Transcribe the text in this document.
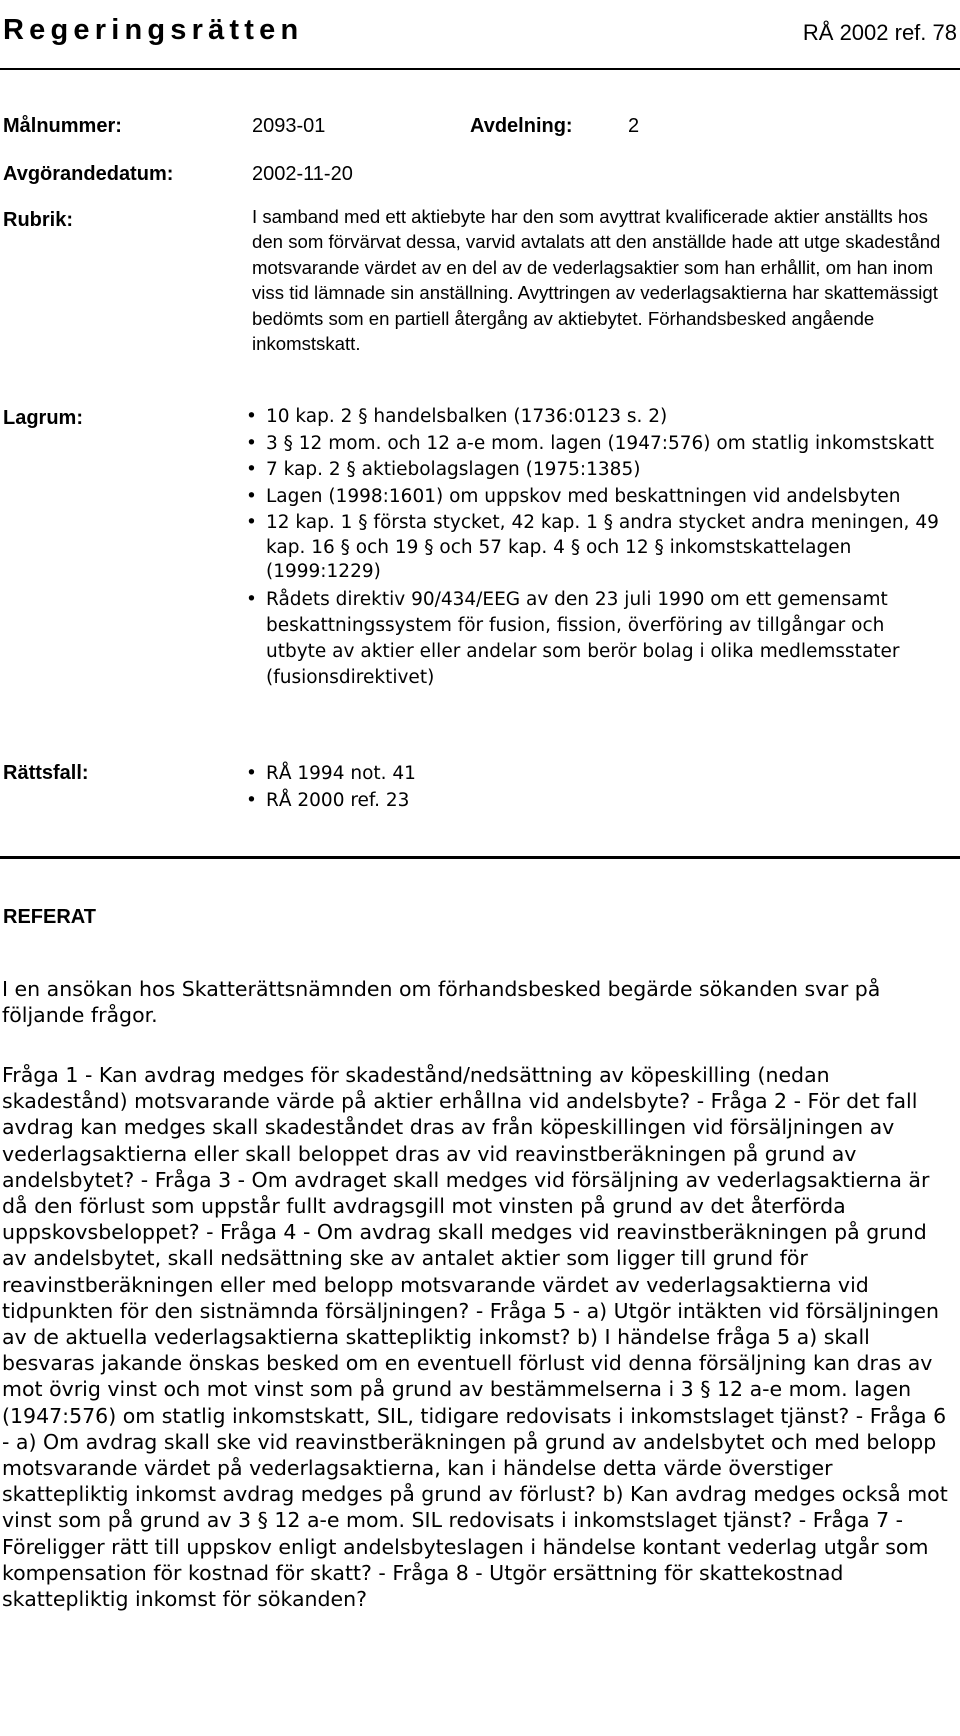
Regeringsrätten	RÅ 2002 ref. 78
Målnummer:	2093-01	Avdelning:	2
Avgörandedatum:	2002-11-20
Rubrik:	I samband med ett aktiebyte har den som avyttrat kvalificerade aktier anställts hos den som förvärvat dessa, varvid avtalats att den anställde hade att utge skadestånd motsvarande värdet av en del av de vederlagsaktier som han erhållit, om han inom viss tid lämnade sin anställning. Avyttringen av vederlagsaktierna har skattemässigt bedömts som en partiell återgång av aktiebytet. Förhandsbesked angående inkomstskatt.
Lagrum:	• 10 kap. 2 § handelsbalken (1736:0123 s. 2)
• 3 § 12 mom. och 12 a-e mom. lagen (1947:576) om statlig inkomstskatt
• 7 kap. 2 § aktiebolagslagen (1975:1385)
• Lagen (1998:1601) om uppskov med beskattningen vid andelsbyten
• 12 kap. 1 § första stycket, 42 kap. 1 § andra stycket andra meningen, 49 kap. 16 § och 19 § och 57 kap. 4 § och 12 § inkomstskattelagen (1999:1229)
• Rådets direktiv 90/434/EEG av den 23 juli 1990 om ett gemensamt beskattningssystem för fusion, fission, överföring av tillgångar och utbyte av aktier eller andelar som berör bolag i olika medlemsstater (fusionsdirektivet)
Rättsfall:	• RÅ 1994 not. 41
• RÅ 2000 ref. 23
REFERAT
I en ansökan hos Skatterättsnämnden om förhandsbesked begärde sökanden svar på följande frågor.
Fråga 1 - Kan avdrag medges för skadestånd/nedsättning av köpeskilling (nedan skadestånd) motsvarande värde på aktier erhållna vid andelsbyte? - Fråga 2 - För det fall avdrag kan medges skall skadeståndet dras av från köpeskillingen vid försäljningen av vederlagsaktierna eller skall beloppet dras av vid reavinstberäkningen på grund av andelsbytet? - Fråga 3 - Om avdraget skall medges vid försäljning av vederlagsaktierna är då den förlust som uppstår fullt avdragsgill mot vinsten på grund av det återförda uppskovsbeloppet? - Fråga 4 - Om avdrag skall medges vid reavinstberäkningen på grund av andelsbytet, skall nedsättning ske av antalet aktier som ligger till grund för reavinstberäkningen eller med belopp motsvarande värdet av vederlagsaktierna vid tidpunkten för den sistnämnda försäljningen? - Fråga 5 - a) Utgör intäkten vid försäljningen av de aktuella vederlagsaktierna skattepliktig inkomst? b) I händelse fråga 5 a) skall besvaras jakande önskas besked om en eventuell förlust vid denna försäljning kan dras av mot övrig vinst och mot vinst som på grund av bestämmelserna i 3 § 12 a-e mom. lagen (1947:576) om statlig inkomstskatt, SIL, tidigare redovisats i inkomstslaget tjänst? - Fråga 6 - a) Om avdrag skall ske vid reavinstberäkningen på grund av andelsbytet och med belopp motsvarande värdet på vederlagsaktierna, kan i händelse detta värde överstiger skattepliktig inkomst avdrag medges på grund av förlust? b) Kan avdrag medges också mot vinst som på grund av 3 § 12 a-e mom. SIL redovisats i inkomstslaget tjänst? - Fråga 7 - Föreligger rätt till uppskov enligt andelsbyteslagen i händelse kontant vederlag utgår som kompensation för kostnad för skatt? - Fråga 8 - Utgör ersättning för skattekostnad skattepliktig inkomst för sökanden?
